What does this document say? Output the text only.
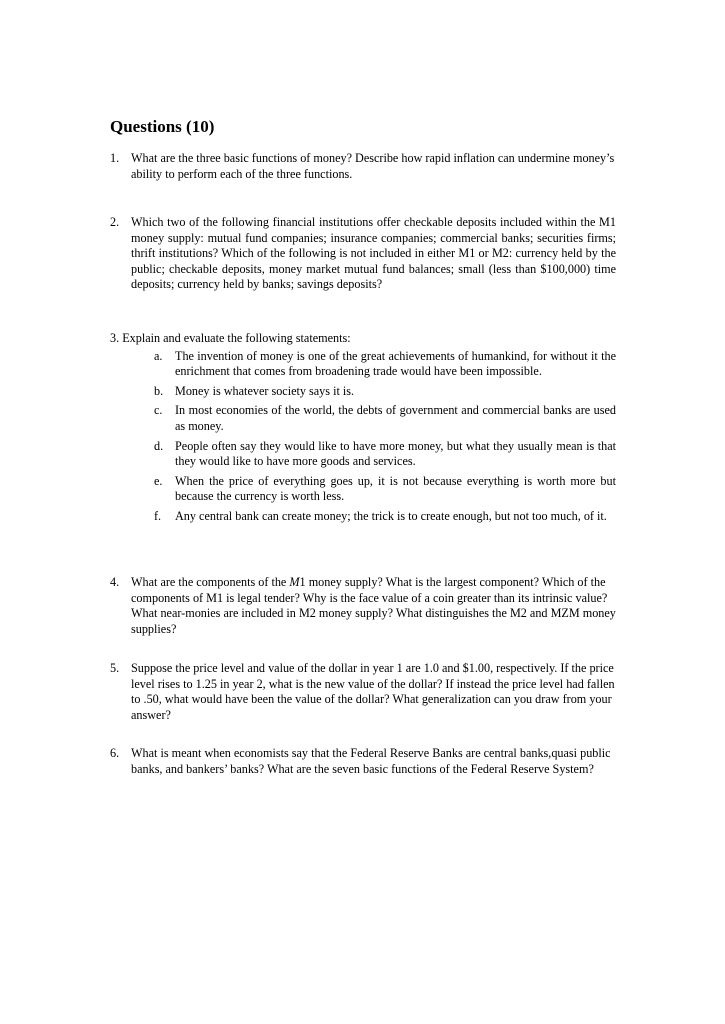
Questions (10)
1. What are the three basic functions of money? Describe how rapid inflation can undermine money’s ability to perform each of the three functions.
2. Which two of the following financial institutions offer checkable deposits included within the M1 money supply: mutual fund companies; insurance companies; commercial banks; securities firms; thrift institutions? Which of the following is not included in either M1 or M2: currency held by the public; checkable deposits, money market mutual fund balances; small (less than $100,000) time deposits; currency held by banks; savings deposits?
3. Explain and evaluate the following statements:
a. The invention of money is one of the great achievements of humankind, for without it the enrichment that comes from broadening trade would have been impossible.
b. Money is whatever society says it is.
c. In most economies of the world, the debts of government and commercial banks are used as money.
d. People often say they would like to have more money, but what they usually mean is that they would like to have more goods and services.
e. When the price of everything goes up, it is not because everything is worth more but because the currency is worth less.
f. Any central bank can create money; the trick is to create enough, but not too much, of it.
4. What are the components of the M1 money supply? What is the largest component? Which of the components of M1 is legal tender? Why is the face value of a coin greater than its intrinsic value? What near-monies are included in M2 money supply? What distinguishes the M2 and MZM money supplies?
5. Suppose the price level and value of the dollar in year 1 are 1.0 and $1.00, respectively. If the price level rises to 1.25 in year 2, what is the new value of the dollar? If instead the price level had fallen to .50, what would have been the value of the dollar? What generalization can you draw from your answer?
6. What is meant when economists say that the Federal Reserve Banks are central banks,quasi public banks, and bankers’ banks? What are the seven basic functions of the Federal Reserve System?
